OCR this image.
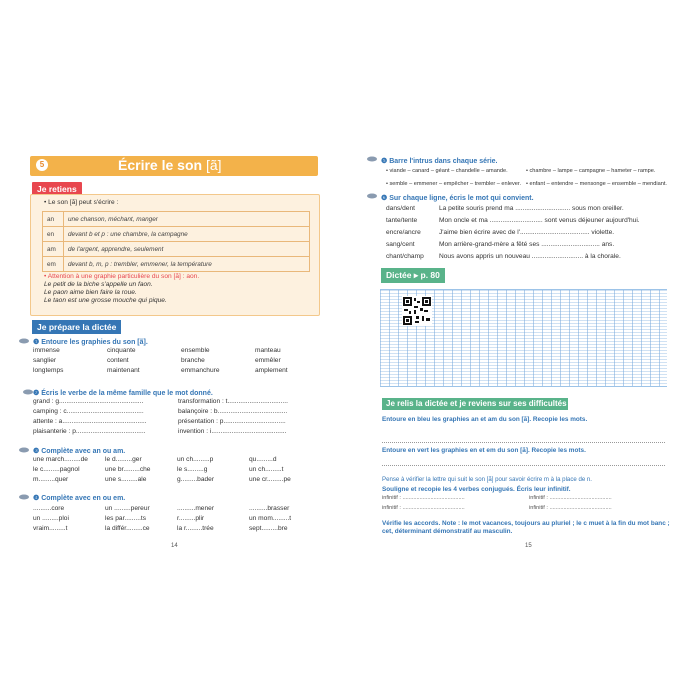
5	Écrire le son [ã]
Je retiens
• Le son [ã] peut s'écrire :
an	une chanson, méchant, manger
en	devant b et p : une chambre, la campagne
am	de l'argent, apprendre, seulement
em	devant b, m, p : trembler, emmener, la température
• Attention à une graphie particulière du son [ã] : aon.
Le petit de la biche s'appelle un faon.
Le paon aime bien faire la roue.
Le taon est une grosse mouche qui pique.
Je prépare la dictée
❶ Entoure les graphies du son [ã].
immense	cinquante	ensemble	manteau
sanglier	content	branche	emmêler
longtemps	maintenant	emmanchure	amplement
❷ Écris le verbe de la même famille que le mot donné.
grand : g..............................................	transformation : t.................................
camping : c..........................................	balançoire : b......................................
attente : a..............................................	présentation : p..................................
plaisanterie : p......................................	invention : i.........................................
❸ Complète avec an ou am.
une march.........de	le d.........ger	un ch.........p	qu.........d
le c.........pagnol	une br.........che	le s.........g	un ch.........t
m.........quer	une s.........ale	g.........bader	une cr.........pe
❹ Complète avec en ou em.
..........core	un .........pereur	..........mener	..........brasser
un .........ploi	les par.........ts	r.........plir	un mom.........t
vraim.........t	la différ.........ce	la r.........trée	sept.........bre
14
❺ Barre l'intrus dans chaque série.
• viande – canard – géant – chandelle – amande.	• chambre – lampe – campagne – hameter – rampe.
• semble – emmener – empêcher – trembler – enlever. • enfant – entendre – mensonge – ensemble – mendiant.
❻ Sur chaque ligne, écris le mot qui convient.
dans/dent	La petite souris prend ma .............................. sous mon oreiller.
tante/tente	Mon oncle et ma ............................. sont venus déjeuner aujourd'hui.
encre/ancre	J'aime bien écrire avec de l'...................................... violette.
sang/cent	Mon arrière-grand-mère a fêté ses ................................ ans.
chant/champ	Nous avons appris un nouveau ............................ à la chorale.
Dictée ▸ p. 80
Je relis la dictée et je reviens sur ses difficultés
Entoure en bleu les graphies an et am du son [ã]. Recopie les mots.
Entoure en vert les graphies en et em du son [ã]. Recopie les mots.
Pense à vérifier la lettre qui suit le son [ã] pour savoir écrire m à la place de n.
Souligne et recopie les 4 verbes conjugués. Écris leur infinitif.
infinitif : ........................................	infinitif : ........................................
infinitif : ........................................	infinitif : ........................................
Vérifie les accords. Note : le mot vacances, toujours au pluriel ; le c muet à la fin du mot banc ; cet, déterminant démonstratif au masculin.
15
